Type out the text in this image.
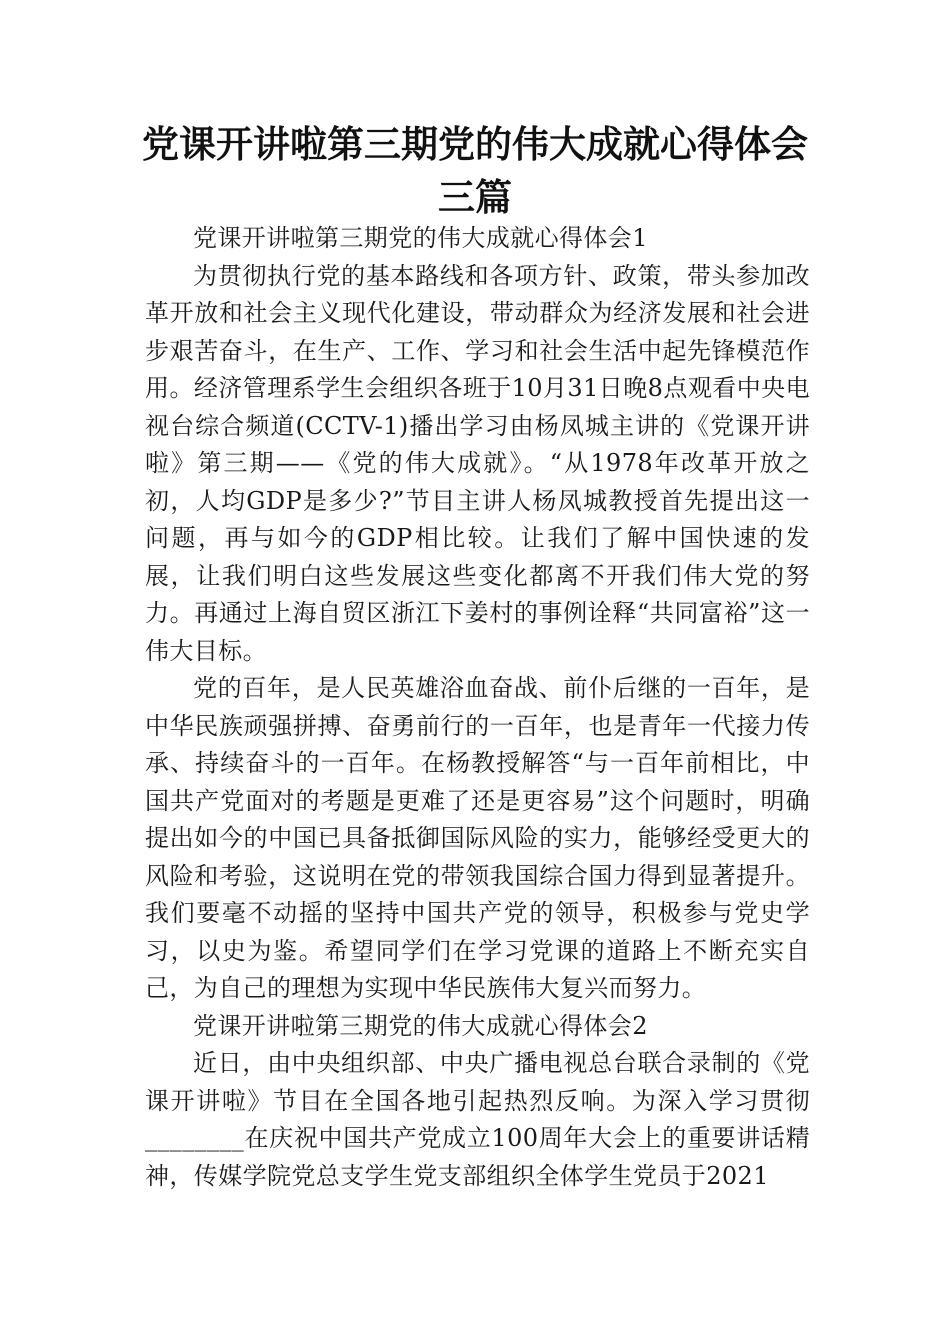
党课开讲啦第三期党的伟大成就心得体会三篇

党课开讲啦第三期党的伟大成就心得体会1

为贯彻执行党的基本路线和各项方针、政策，带头参加改革开放和社会主义现代化建设，带动群众为经济发展和社会进步艰苦奋斗，在生产、工作、学习和社会生活中起先锋模范作用。经济管理系学生会组织各班于10月31日晚8点观看中央电视台综合频道(CCTV-1)播出学习由杨凤城主讲的《党课开讲啦》第三期——《党的伟大成就》。“从1978年改革开放之初，人均GDP是多少?”节目主讲人杨凤城教授首先提出这一问题，再与如今的GDP相比较。让我们了解中国快速的发展，让我们明白这些发展这些变化都离不开我们伟大党的努力。再通过上海自贸区浙江下姜村的事例诠释“共同富裕”这一伟大目标。

党的百年，是人民英雄浴血奋战、前仆后继的一百年，是中华民族顽强拼搏、奋勇前行的一百年，也是青年一代接力传承、持续奋斗的一百年。在杨教授解答“与一百年前相比，中国共产党面对的考题是更难了还是更容易”这个问题时，明确提出如今的中国已具备抵御国际风险的实力，能够经受更大的风险和考验，这说明在党的带领我国综合国力得到显著提升。我们要毫不动摇的坚持中国共产党的领导，积极参与党史学习，以史为鉴。希望同学们在学习党课的道路上不断充实自己，为自己的理想为实现中华民族伟大复兴而努力。

党课开讲啦第三期党的伟大成就心得体会2

近日，由中央组织部、中央广播电视总台联合录制的《党课开讲啦》节目在全国各地引起热烈反响。为深入学习贯彻________在庆祝中国共产党成立100周年大会上的重要讲话精神，传媒学院党总支学生党支部组织全体学生党员于2021
